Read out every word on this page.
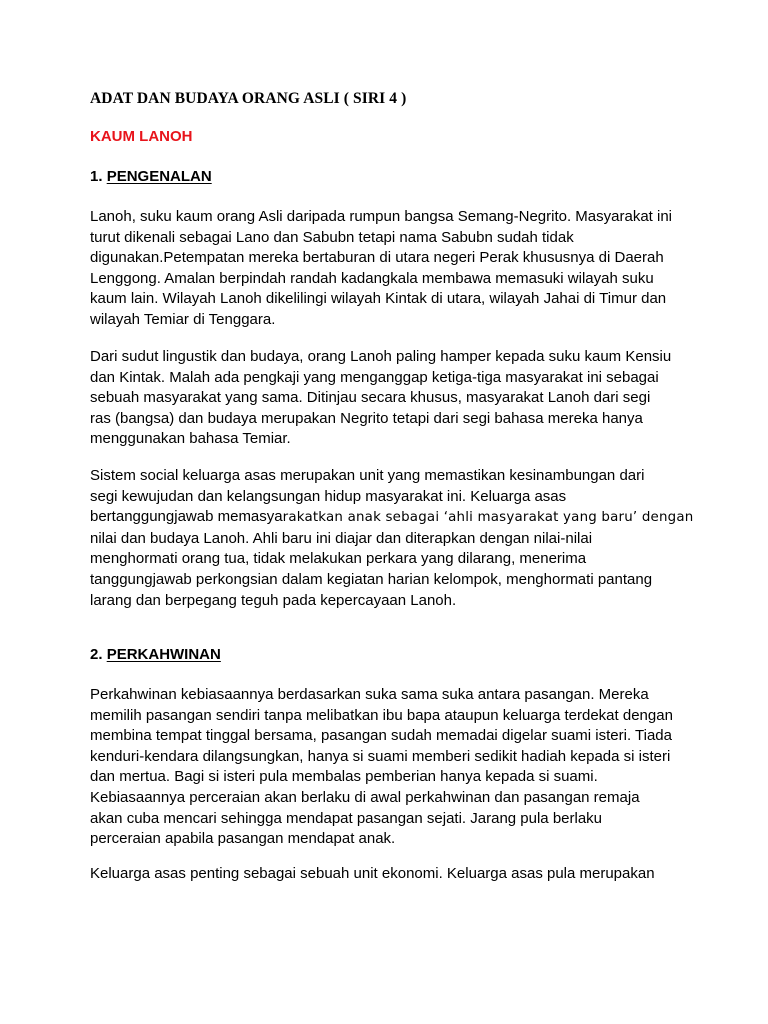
ADAT DAN BUDAYA ORANG ASLI ( SIRI 4 )
KAUM LANOH
1. PENGENALAN
Lanoh, suku kaum orang Asli daripada rumpun bangsa Semang-Negrito. Masyarakat ini
turut dikenali sebagai Lano dan Sabubn tetapi nama Sabubn sudah tidak
digunakan.Petempatan mereka bertaburan di utara negeri Perak khususnya di Daerah
Lenggong. Amalan berpindah randah kadangkala membawa memasuki wilayah suku
kaum lain. Wilayah Lanoh dikelilingi wilayah Kintak di utara, wilayah Jahai di Timur dan
wilayah Temiar di Tenggara.
Dari sudut lingustik dan budaya, orang Lanoh paling hamper kepada suku kaum Kensiu
dan Kintak. Malah ada pengkaji yang menganggap ketiga-tiga masyarakat ini sebagai
sebuah masyarakat yang sama. Ditinjau secara khusus, masyarakat Lanoh dari segi
ras (bangsa) dan budaya merupakan Negrito tetapi dari segi bahasa mereka hanya
menggunakan bahasa Temiar.
Sistem social keluarga asas merupakan unit yang memastikan kesinambungan dari
segi kewujudan dan kelangsungan hidup masyarakat ini. Keluarga asas
bertanggungjawab memasyarakatkan anak sebagai ‘ahli masyarakat yang baru’ dengan
nilai dan budaya Lanoh. Ahli baru ini diajar dan diterapkan dengan nilai-nilai
menghormati orang tua, tidak melakukan perkara yang dilarang, menerima
tanggungjawab perkongsian dalam kegiatan harian kelompok, menghormati pantang
larang dan berpegang teguh pada kepercayaan Lanoh.
2. PERKAHWINAN
Perkahwinan kebiasaannya berdasarkan suka sama suka antara pasangan. Mereka
memilih pasangan sendiri tanpa melibatkan ibu bapa ataupun keluarga terdekat dengan
membina tempat tinggal bersama, pasangan sudah memadai digelar suami isteri. Tiada
kenduri-kendara dilangsungkan, hanya si suami memberi sedikit hadiah kepada si isteri
dan mertua. Bagi si isteri pula membalas pemberian hanya kepada si suami.
Kebiasaannya perceraian akan berlaku di awal perkahwinan dan pasangan remaja
akan cuba mencari sehingga mendapat pasangan sejati. Jarang pula berlaku
perceraian apabila pasangan mendapat anak.
Keluarga asas penting sebagai sebuah unit ekonomi. Keluarga asas pula merupakan
